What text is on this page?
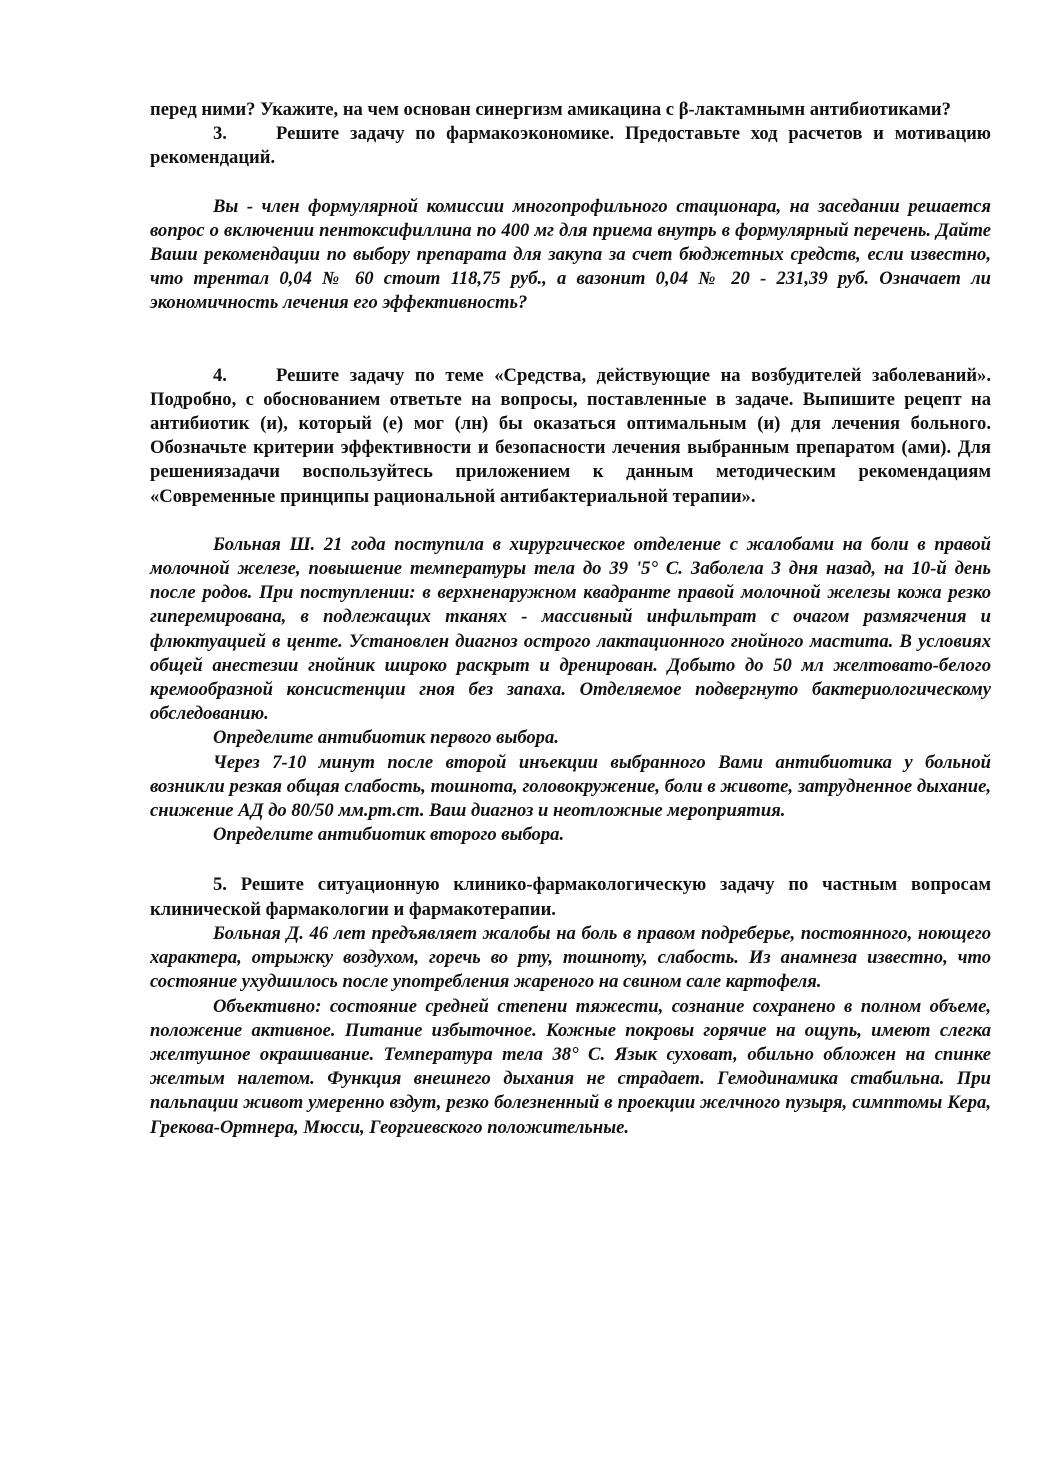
перед ними? Укажите, на чем основан синергизм амикацина с β-лактамнымн антибиотиками?

3.	Решите задачу по фармакоэкономике. Предоставьте ход расчетов и мотивацию рекомендаций.

Вы - член формулярной комиссии многопрофильного стационара, на заседании решается вопрос о включении пентоксифиллина по 400 мг для приема внутрь в формулярный перечень. Дайте Ваши рекомендации по выбору препарата для закупа за счет бюджетных средств, если известно, что трентал 0,04 № 60 стоит 118,75 руб., а вазонит 0,04 № 20 - 231,39 руб. Означает ли экономичность лечения его эффективность?

4.	Решите задачу по теме «Средства, действующие на возбудителей заболеваний». Подробно, с обоснованием ответьте на вопросы, поставленные в задаче. Выпишите рецепт на антибиотик (и), который (е) мог (лн) бы оказаться оптимальным (и) для лечения больного. Обозначьте критерии эффективности и безопасности лечения выбранным препаратом (ами). Для решениязадачи воспользуйтесь приложением к данным методическим рекомендациям «Современные принципы рациональной антибактериальной терапии».

Больная Ш. 21 года поступила в хирургическое отделение с жалобами на боли в правой молочной железе, повышение температуры тела до 39 '5° С. Заболела 3 дня назад, на 10-й день после родов. При поступлении: в верхненаружном квадранте правой молочной железы кожа резко гиперемирована, в подлежащих тканях - массивный инфильтрат с очагом размягчения и флюктуацией в центе. Установлен диагноз острого лактационного гнойного мастита. В условиях общей анестезии гнойник широко раскрыт и дренирован. Добыто до 50 мл желтовато-белого кремообразной консистенции гноя без запаха. Отделяемое подвергнуто бактериологическому обследованию.

Определите антибиотик первого выбора.

Через 7-10 минут после второй инъекции выбранного Вами антибиотика у больной возникли резкая общая слабость, тошнота, головокружение, боли в животе, затрудненное дыхание, снижение АД до 80/50 мм.рт.ст. Ваш диагноз и неотложные мероприятия.

Определите антибиотик второго выбора.

5. Решите ситуационную клинико-фармакологическую задачу по частным вопросам клинической фармакологии и фармакотерапии.

Больная Д. 46 лет предъявляет жалобы на боль в правом подреберье, постоянного, ноющего характера, отрыжку воздухом, горечь во рту, тошноту, слабость. Из анамнеза известно, что состояние ухудшилось после употребления жареного на свином сале картофеля.

Объективно: состояние средней степени тяжести, сознание сохранено в полном объеме, положение активное. Питание избыточное. Кожные покровы горячие на ощупь, имеют слегка желтушное окрашивание. Температура тела 38° С. Язык суховат, обильно обложен на спинке желтым налетом. Функция внешнего дыхания не страдает. Гемодинамика стабильна. При пальпации живот умеренно вздут, резко болезненный в проекции желчного пузыря, симптомы Кера, Грекова-Ортнера, Мюсси, Георгиевского положительные.
